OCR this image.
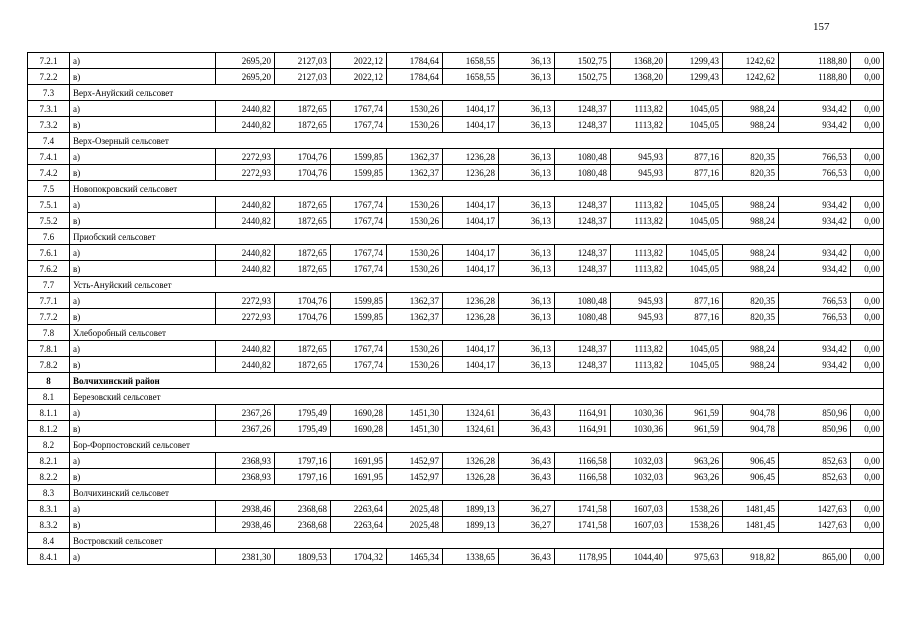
157
7.2.1	а)	2695,20	2127,03	2022,12	1784,64	1658,55	36,13	1502,75	1368,20	1299,43	1242,62	1188,80	0,00
7.2.2	в)	2695,20	2127,03	2022,12	1784,64	1658,55	36,13	1502,75	1368,20	1299,43	1242,62	1188,80	0,00
7.3	Верх-Ануйский сельсовет												
7.3.1	а)	2440,82	1872,65	1767,74	1530,26	1404,17	36,13	1248,37	1113,82	1045,05	988,24	934,42	0,00
7.3.2	в)	2440,82	1872,65	1767,74	1530,26	1404,17	36,13	1248,37	1113,82	1045,05	988,24	934,42	0,00
7.4	Верх-Озерный сельсовет												
7.4.1	а)	2272,93	1704,76	1599,85	1362,37	1236,28	36,13	1080,48	945,93	877,16	820,35	766,53	0,00
7.4.2	в)	2272,93	1704,76	1599,85	1362,37	1236,28	36,13	1080,48	945,93	877,16	820,35	766,53	0,00
7.5	Новопокровский сельсовет												
7.5.1	а)	2440,82	1872,65	1767,74	1530,26	1404,17	36,13	1248,37	1113,82	1045,05	988,24	934,42	0,00
7.5.2	в)	2440,82	1872,65	1767,74	1530,26	1404,17	36,13	1248,37	1113,82	1045,05	988,24	934,42	0,00
7.6	Приобский сельсовет												
7.6.1	а)	2440,82	1872,65	1767,74	1530,26	1404,17	36,13	1248,37	1113,82	1045,05	988,24	934,42	0,00
7.6.2	в)	2440,82	1872,65	1767,74	1530,26	1404,17	36,13	1248,37	1113,82	1045,05	988,24	934,42	0,00
7.7	Усть-Ануйский сельсовет												
7.7.1	а)	2272,93	1704,76	1599,85	1362,37	1236,28	36,13	1080,48	945,93	877,16	820,35	766,53	0,00
7.7.2	в)	2272,93	1704,76	1599,85	1362,37	1236,28	36,13	1080,48	945,93	877,16	820,35	766,53	0,00
7.8	Хлеборобный сельсовет												
7.8.1	а)	2440,82	1872,65	1767,74	1530,26	1404,17	36,13	1248,37	1113,82	1045,05	988,24	934,42	0,00
7.8.2	в)	2440,82	1872,65	1767,74	1530,26	1404,17	36,13	1248,37	1113,82	1045,05	988,24	934,42	0,00
8	Волчихинский район												
8.1	Березовский сельсовет												
8.1.1	а)	2367,26	1795,49	1690,28	1451,30	1324,61	36,43	1164,91	1030,36	961,59	904,78	850,96	0,00
8.1.2	в)	2367,26	1795,49	1690,28	1451,30	1324,61	36,43	1164,91	1030,36	961,59	904,78	850,96	0,00
8.2	Бор-Форпостовский сельсовет												
8.2.1	а)	2368,93	1797,16	1691,95	1452,97	1326,28	36,43	1166,58	1032,03	963,26	906,45	852,63	0,00
8.2.2	в)	2368,93	1797,16	1691,95	1452,97	1326,28	36,43	1166,58	1032,03	963,26	906,45	852,63	0,00
8.3	Волчихинский сельсовет												
8.3.1	а)	2938,46	2368,68	2263,64	2025,48	1899,13	36,27	1741,58	1607,03	1538,26	1481,45	1427,63	0,00
8.3.2	в)	2938,46	2368,68	2263,64	2025,48	1899,13	36,27	1741,58	1607,03	1538,26	1481,45	1427,63	0,00
8.4	Востровский сельсовет												
8.4.1	а)	2381,30	1809,53	1704,32	1465,34	1338,65	36,43	1178,95	1044,40	975,63	918,82	865,00	0,00
